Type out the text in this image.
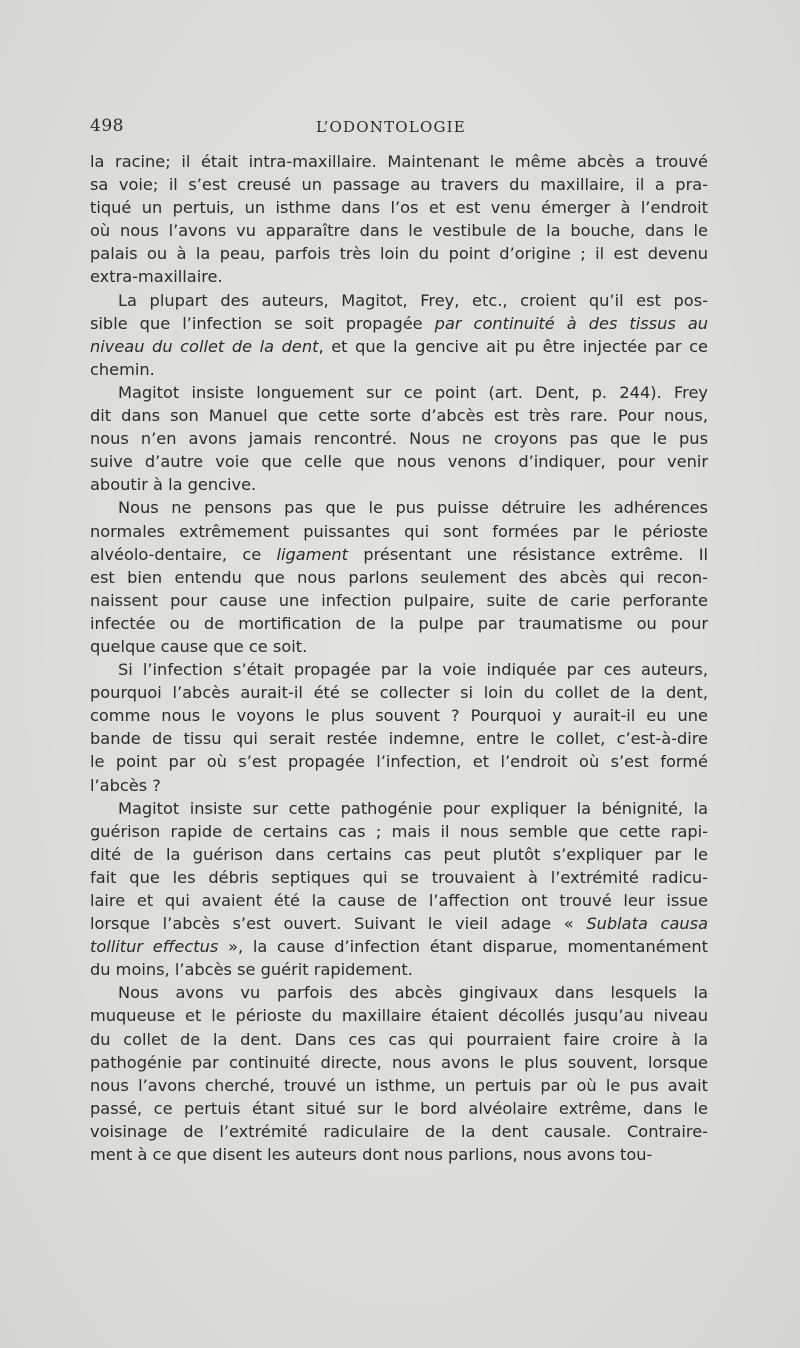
498	L’ODONTOLOGIE
la racine; il était intra-maxillaire. Maintenant le même abcès a trouvé
sa voie; il s’est creusé un passage au travers du maxillaire, il a pra-
tiqué un pertuis, un isthme dans l’os et est venu émerger à l’endroit
où nous l’avons vu apparaître dans le vestibule de la bouche, dans le
palais ou à la peau, parfois très loin du point d’origine ; il est devenu
extra-maxillaire.
La plupart des auteurs, Magitot, Frey, etc., croient qu’il est pos-
sible que l’infection se soit propagée par continuité à des tissus au
niveau du collet de la dent, et que la gencive ait pu être injectée par ce
chemin.
Magitot insiste longuement sur ce point (art. Dent, p. 244). Frey
dit dans son Manuel que cette sorte d’abcès est très rare. Pour nous,
nous n’en avons jamais rencontré. Nous ne croyons pas que le pus
suive d’autre voie que celle que nous venons d’indiquer, pour venir
aboutir à la gencive.
Nous ne pensons pas que le pus puisse détruire les adhérences
normales extrêmement puissantes qui sont formées par le périoste
alvéolo-dentaire, ce ligament présentant une résistance extrême. Il
est bien entendu que nous parlons seulement des abcès qui recon-
naissent pour cause une infection pulpaire, suite de carie perforante
infectée ou de mortification de la pulpe par traumatisme ou pour
quelque cause que ce soit.
Si l’infection s’était propagée par la voie indiquée par ces auteurs,
pourquoi l’abcès aurait-il été se collecter si loin du collet de la dent,
comme nous le voyons le plus souvent ? Pourquoi y aurait-il eu une
bande de tissu qui serait restée indemne, entre le collet, c’est-à-dire
le point par où s’est propagée l’infection, et l’endroit où s’est formé
l’abcès ?
Magitot insiste sur cette pathogénie pour expliquer la bénignité, la
guérison rapide de certains cas ; mais il nous semble que cette rapi-
dité de la guérison dans certains cas peut plutôt s’expliquer par le
fait que les débris septiques qui se trouvaient à l’extrémité radicu-
laire et qui avaient été la cause de l’affection ont trouvé leur issue
lorsque l’abcès s’est ouvert. Suivant le vieil adage « Sublata causa
tollitur effectus », la cause d’infection étant disparue, momentanément
du moins, l’abcès se guérit rapidement.
Nous avons vu parfois des abcès gingivaux dans lesquels la
muqueuse et le périoste du maxillaire étaient décollés jusqu’au niveau
du collet de la dent. Dans ces cas qui pourraient faire croire à la
pathogénie par continuité directe, nous avons le plus souvent, lorsque
nous l’avons cherché, trouvé un isthme, un pertuis par où le pus avait
passé, ce pertuis étant situé sur le bord alvéolaire extrême, dans le
voisinage de l’extrémité radiculaire de la dent causale. Contraire-
ment à ce que disent les auteurs dont nous parlions, nous avons tou-
